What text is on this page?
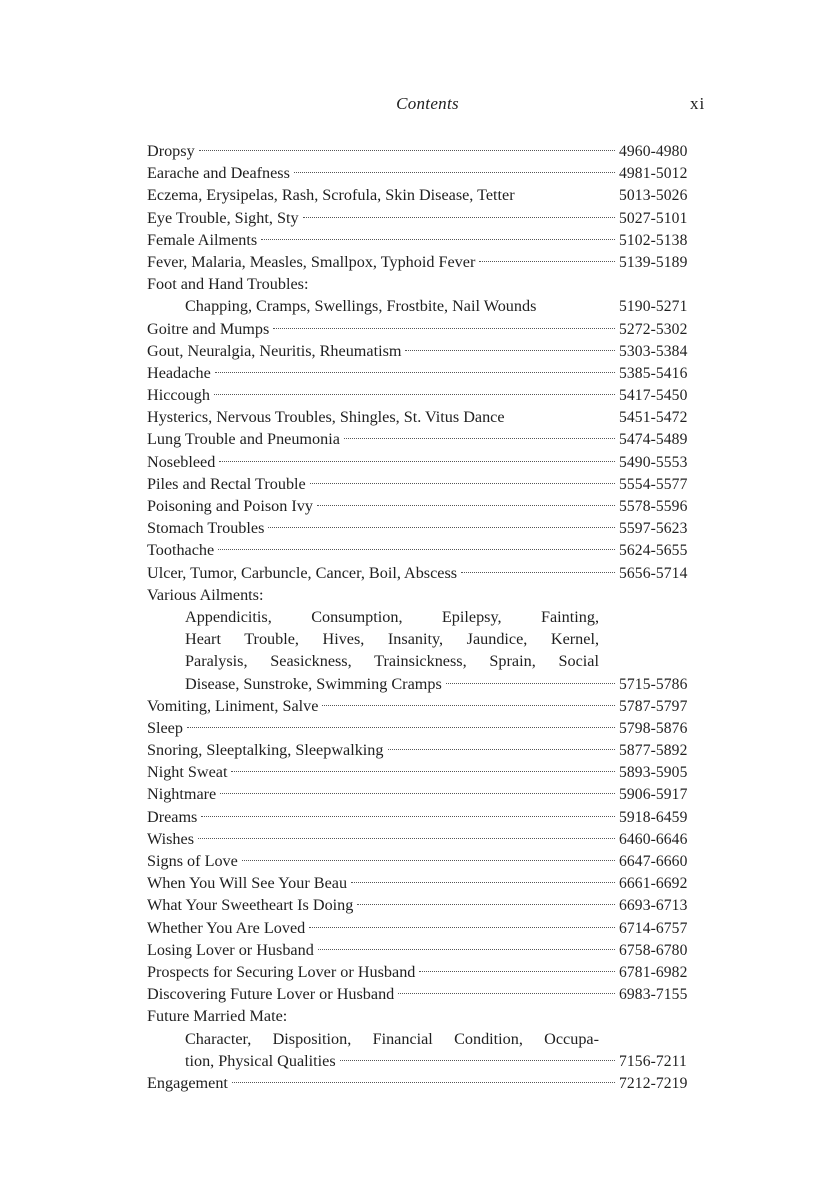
Contents	xi
Dropsy	4960-4980
Earache and Deafness	4981-5012
Eczema, Erysipelas, Rash, Scrofula, Skin Disease, Tetter	5013-5026
Eye Trouble, Sight, Sty	5027-5101
Female Ailments	5102-5138
Fever, Malaria, Measles, Smallpox, Typhoid Fever	5139-5189
Foot and Hand Troubles:
Chapping, Cramps, Swellings, Frostbite, Nail Wounds	5190-5271
Goitre and Mumps	5272-5302
Gout, Neuralgia, Neuritis, Rheumatism	5303-5384
Headache	5385-5416
Hiccough	5417-5450
Hysterics, Nervous Troubles, Shingles, St. Vitus Dance	5451-5472
Lung Trouble and Pneumonia	5474-5489
Nosebleed	5490-5553
Piles and Rectal Trouble	5554-5577
Poisoning and Poison Ivy	5578-5596
Stomach Troubles	5597-5623
Toothache	5624-5655
Ulcer, Tumor, Carbuncle, Cancer, Boil, Abscess	5656-5714
Various Ailments:
Appendicitis, Consumption, Epilepsy, Fainting,
Heart Trouble, Hives, Insanity, Jaundice, Kernel,
Paralysis, Seasickness, Trainsickness, Sprain, Social
Disease, Sunstroke, Swimming Cramps	5715-5786
Vomiting, Liniment, Salve	5787-5797
Sleep	5798-5876
Snoring, Sleeptalking, Sleepwalking	5877-5892
Night Sweat	5893-5905
Nightmare	5906-5917
Dreams	5918-6459
Wishes	6460-6646
Signs of Love	6647-6660
When You Will See Your Beau	6661-6692
What Your Sweetheart Is Doing	6693-6713
Whether You Are Loved	6714-6757
Losing Lover or Husband	6758-6780
Prospects for Securing Lover or Husband	6781-6982
Discovering Future Lover or Husband	6983-7155
Future Married Mate:
Character, Disposition, Financial Condition, Occupa-
tion, Physical Qualities	7156-7211
Engagement	7212-7219
